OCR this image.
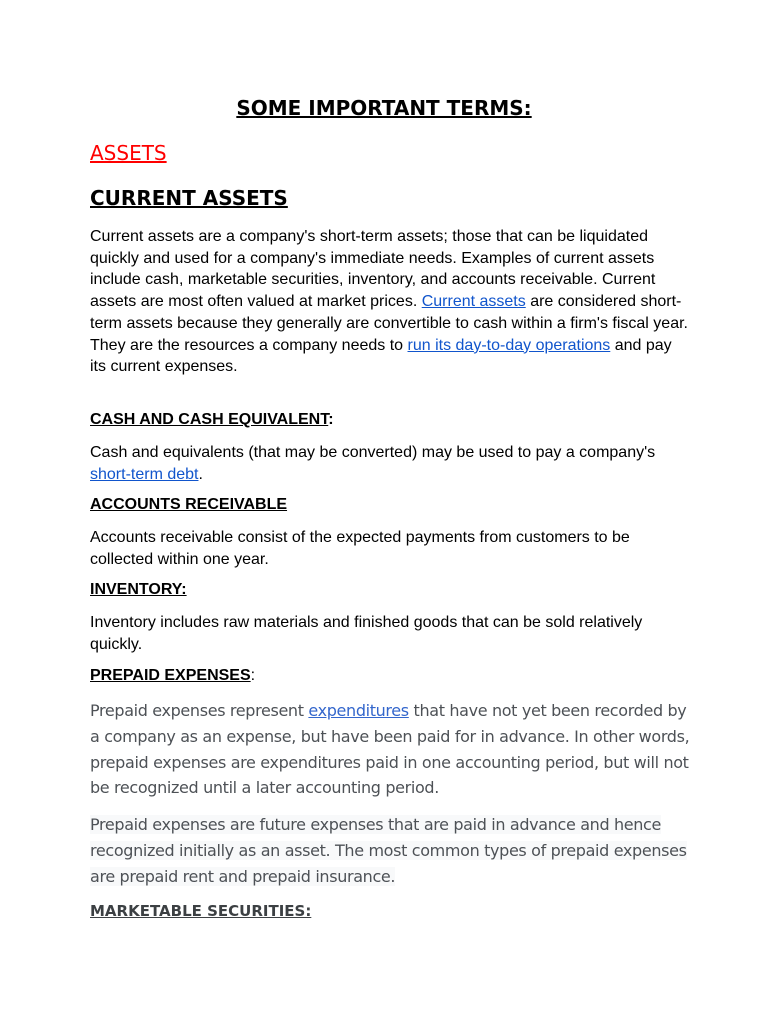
SOME IMPORTANT TERMS:
ASSETS
CURRENT ASSETS

Current assets are a company's short-term assets; those that can be liquidated quickly and used for a company's immediate needs. Examples of current assets include cash, marketable securities, inventory, and accounts receivable. Current assets are most often valued at market prices. Current assets are considered short-term assets because they generally are convertible to cash within a firm's fiscal year. They are the resources a company needs to run its day-to-day operations and pay its current expenses.

CASH AND CASH EQUIVALENT:

Cash and equivalents (that may be converted) may be used to pay a company's short-term debt.

ACCOUNTS RECEIVABLE

Accounts receivable consist of the expected payments from customers to be collected within one year.

INVENTORY:

Inventory includes raw materials and finished goods that can be sold relatively quickly.

PREPAID EXPENSES:

Prepaid expenses represent expenditures that have not yet been recorded by a company as an expense, but have been paid for in advance. In other words, prepaid expenses are expenditures paid in one accounting period, but will not be recognized until a later accounting period.

Prepaid expenses are future expenses that are paid in advance and hence recognized initially as an asset. The most common types of prepaid expenses are prepaid rent and prepaid insurance.

MARKETABLE SECURITIES:
